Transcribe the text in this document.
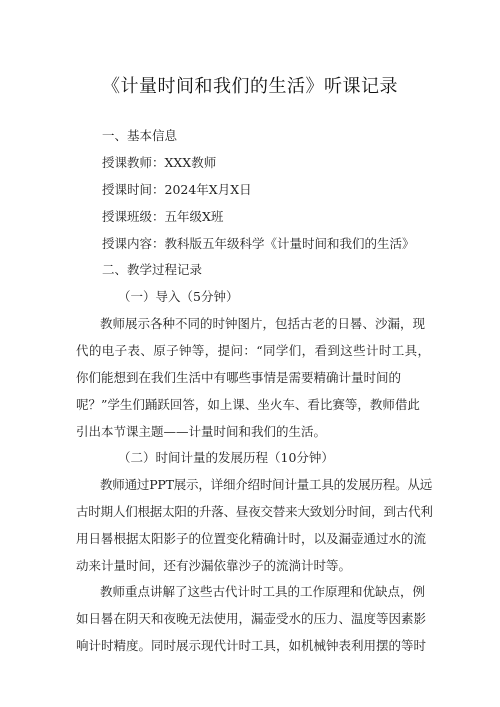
《计量时间和我们的生活》听课记录
一、基本信息
授课教师：XXX教师
授课时间：2024年X月X日
授课班级：五年级X班
授课内容：教科版五年级科学《计量时间和我们的生活》
二、教学过程记录
（一）导入（5分钟）
教师展示各种不同的时钟图片，包括古老的日晷、沙漏，现
代的电子表、原子钟等，提问：“同学们，看到这些计时工具，
你们能想到在我们生活中有哪些事情是需要精确计量时间的
呢？”学生们踊跃回答，如上课、坐火车、看比赛等，教师借此
引出本节课主题——计量时间和我们的生活。
（二）时间计量的发展历程（10分钟）
教师通过PPT展示，详细介绍时间计量工具的发展历程。从远
古时期人们根据太阳的升落、昼夜交替来大致划分时间，到古代利
用日晷根据太阳影子的位置变化精确计时，以及漏壶通过水的流
动来计量时间，还有沙漏依靠沙子的流淌计时等。
教师重点讲解了这些古代计时工具的工作原理和优缺点，例
如日晷在阴天和夜晚无法使用，漏壶受水的压力、温度等因素影
响计时精度。同时展示现代计时工具，如机械钟表利用摆的等时
